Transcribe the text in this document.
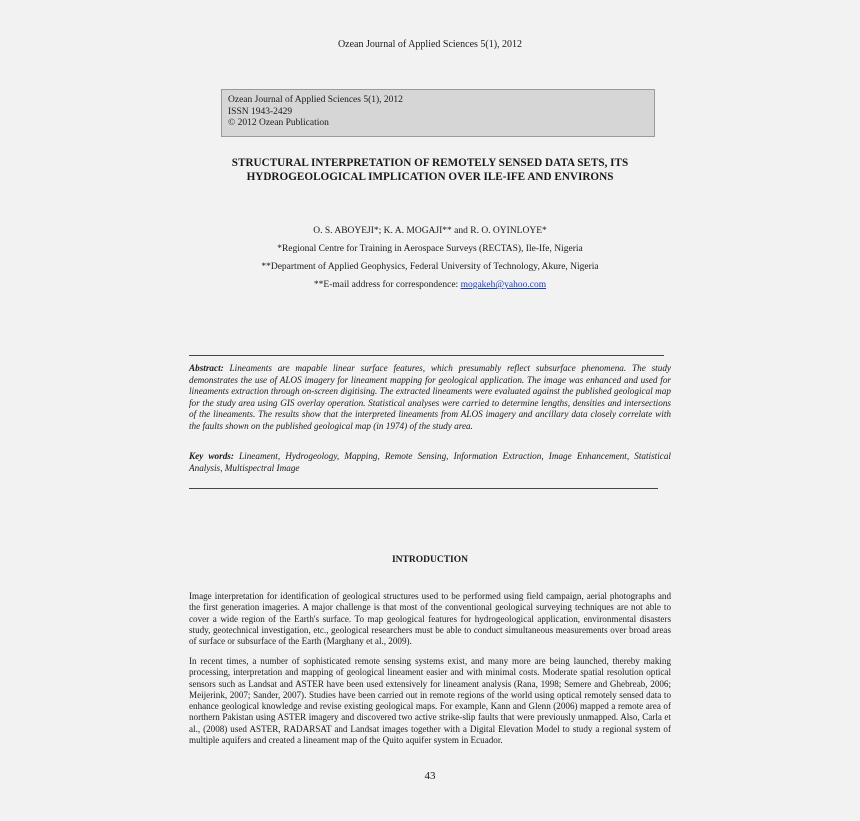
Ozean Journal of Applied Sciences 5(1), 2012
Ozean Journal of Applied Sciences 5(1), 2012
ISSN 1943-2429
© 2012 Ozean Publication
STRUCTURAL INTERPRETATION OF REMOTELY SENSED DATA SETS, ITS
HYDROGEOLOGICAL IMPLICATION OVER ILE-IFE AND ENVIRONS
O. S. ABOYEJI*; K. A. MOGAJI** and R. O. OYINLOYE*
*Regional Centre for Training in Aerospace Surveys (RECTAS), Ile-Ife, Nigeria
**Department of Applied Geophysics, Federal University of Technology, Akure, Nigeria
**E-mail address for correspondence: mogakeh@yahoo.com
Abstract: Lineaments are mapable linear surface features, which presumably reflect subsurface phenomena. The study demonstrates the use of ALOS imagery for lineament mapping for geological application. The image was enhanced and used for lineaments extraction through on-screen digitising. The extracted lineaments were evaluated against the published geological map for the study area using GIS overlay operation. Statistical analyses were carried to determine lengths, densities and intersections of the lineaments. The results show that the interpreted lineaments from ALOS imagery and ancillary data closely correlate with the faults shown on the published geological map (in 1974) of the study area.
Key words: Lineament, Hydrogeology, Mapping, Remote Sensing, Information Extraction, Image Enhancement, Statistical Analysis, Multispectral Image
INTRODUCTION
Image interpretation for identification of geological structures used to be performed using field campaign, aerial photographs and the first generation imageries. A major challenge is that most of the conventional geological surveying techniques are not able to cover a wide region of the Earth's surface. To map geological features for hydrogeological application, environmental disasters study, geotechnical investigation, etc., geological researchers must be able to conduct simultaneous measurements over broad areas of surface or subsurface of the Earth (Marghany et al., 2009).
In recent times, a number of sophisticated remote sensing systems exist, and many more are being launched, thereby making processing, interpretation and mapping of geological lineament easier and with minimal costs. Moderate spatial resolution optical sensors such as Landsat and ASTER have been used extensively for lineament analysis (Rana, 1998; Semere and Ghebreab, 2006; Meijerink, 2007; Sander, 2007). Studies have been carried out in remote regions of the world using optical remotely sensed data to enhance geological knowledge and revise existing geological maps. For example, Kann and Glenn (2006) mapped a remote area of northern Pakistan using ASTER imagery and discovered two active strike-slip faults that were previously unmapped. Also, Carla et al., (2008) used ASTER, RADARSAT and Landsat images together with a Digital Elevation Model to study a regional system of multiple aquifers and created a lineament map of the Quito aquifer system in Ecuador.
43
